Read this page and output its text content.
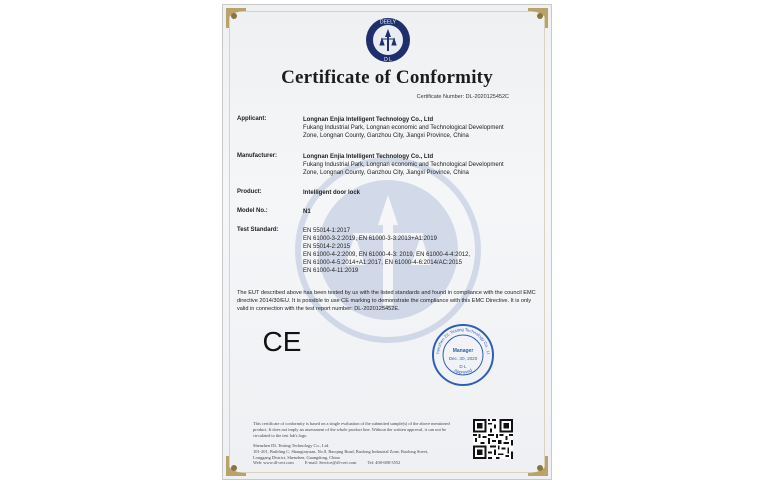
DEELY
D L
Certificate of Conformity
Certificate Number: DL-2020125452C
Applicant:	Longnan Enjia Intelligent Technology Co., Ltd
Fukang Industrial Park, Longnan economic and Technological Development
Zone, Longnan County, Ganzhou City, Jiangxi Province, China
Manufacturer:	Longnan Enjia Intelligent Technology Co., Ltd
Fukang Industrial Park, Longnan economic and Technological Development
Zone, Longnan County, Ganzhou City, Jiangxi Province, China
Product:	Intelligent door lock
Model No.:	N1
Test Standard:	EN 55014-1:2017
EN 61000-3-2:2019, EN 61000-3-3:2013+A1:2019
EN 55014-2:2015
EN 61000-4-2:2009, EN 61000-4-3: 2019, EN 61000-4-4:2012,
EN 61000-4-5:2014+A1:2017, EN 61000-4-6:2014/AC:2015
EN 61000-4-11:2019
The EUT described above has been tested by us with the listed standards and found in compliance with the council EMC directive 2014/30/EU. It is possible to use CE marking to demonstrate the compliance with this EMC Directive. It is only valid in connection with the test report number: DL-2020125452E.
CE	henzhen DL Testing Technology Co., Lt
Approved
Manager
Dec. 30, 2020
D L
This certificate of conformity is based on a single evaluation of the submitted sample(s) of the above mentioned product. It does not imply an assessment of the whole product line. Without the written approval, it can not be circulated to the test lab's logo.
Shenzhen DL Testing Technology Co., Ltd.
101-201, Building C, Shangtaiyuan, No.8, Baoqing Road, Baolong Industrial Zone, Baolong Street,
Longgang District, Shenzhen, Guangdong, China
Web: www.dl-cert.com	E-mail: Service@dl-cert.com	Tel: 400-688-3552
